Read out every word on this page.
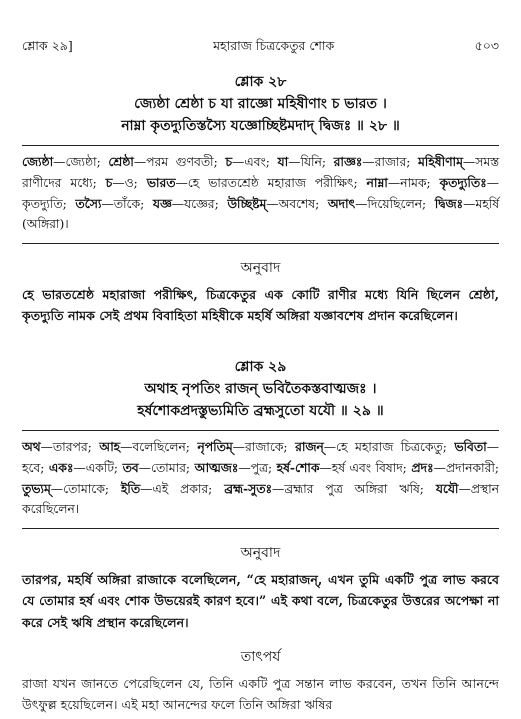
শ্লোক ২৯]	মহারাজ চিত্রকেতুর শোক	৫০৩
শ্লোক ২৮
জ্যেষ্ঠা শ্রেষ্ঠা চ যা রাজ্ঞো মহিষীণাং চ ভারত ।
নাম্না কৃতদ্যুতিস্তস্যৈ যজ্ঞোচ্ছিষ্টমদাদ্ দ্বিজঃ ॥ ২৮ ॥
জ্যেষ্ঠা—জ্যেষ্ঠা; শ্রেষ্ঠা—পরম গুণবতী; চ—এবং; যা—যিনি; রাজ্ঞঃ—রাজার; মহিষীণাম্—সমস্ত রাণীদের মধ্যে; চ—ও; ভারত—হে ভারতশ্রেষ্ঠ মহারাজ পরীক্ষিৎ; নাম্না—নামক; কৃতদ্যুতিঃ—কৃতদ্যুতি; তস্যৈ—তাঁকে; যজ্ঞ—যজ্ঞের; উচ্ছিষ্টম্—অবশেষ; অদাৎ—দিয়েছিলেন; দ্বিজঃ—মহর্ষি (অঙ্গিরা)।
অনুবাদ
হে ভারতশ্রেষ্ঠ মহারাজা পরীক্ষিৎ, চিত্রকেতুর এক কোটি রাণীর মধ্যে যিনি ছিলেন শ্রেষ্ঠা, কৃতদ্যুতি নামক সেই প্রথম বিবাহিতা মহিষীকে মহর্ষি অঙ্গিরা যজ্ঞাবশেষ প্রদান করেছিলেন।
শ্লোক ২৯
অথাহ নৃপতিং রাজন্ ভবিতৈকস্তবাত্মজঃ ।
হর্ষশোকপ্রদস্তুভ্যমিতি ব্রহ্মসুতো যযৌ ॥ ২৯ ॥
অথ—তারপর; আহ—বলেছিলেন; নৃপতিম্—রাজাকে; রাজন্—হে মহারাজ চিত্রকেতু; ভবিতা—হবে; একঃ—একটি; তব—তোমার; আত্মজঃ—পুত্র; হর্ষ-শোক—হর্ষ এবং বিষাদ; প্রদঃ—প্রদানকারী; তুভ্যম্—তোমাকে; ইতি—এই প্রকার; ব্রহ্ম-সুতঃ—ব্রহ্মার পুত্র অঙ্গিরা ঋষি; যযৌ—প্রস্থান করেছিলেন।
অনুবাদ
তারপর, মহর্ষি অঙ্গিরা রাজাকে বলেছিলেন, “হে মহারাজন্, এখন তুমি একটি পুত্র লাভ করবে যে তোমার হর্ষ এবং শোক উভয়েরই কারণ হবে।” এই কথা বলে, চিত্রকেতুর উত্তরের অপেক্ষা না করে সেই ঋষি প্রস্থান করেছিলেন।
তাৎপর্য
রাজা যখন জানতে পেরেছিলেন যে, তিনি একটি পুত্র সন্তান লাভ করবেন, তখন তিনি আনন্দে উৎফুল্ল হয়েছিলেন। এই মহা আনন্দের ফলে তিনি অঙ্গিরা ঋষির
